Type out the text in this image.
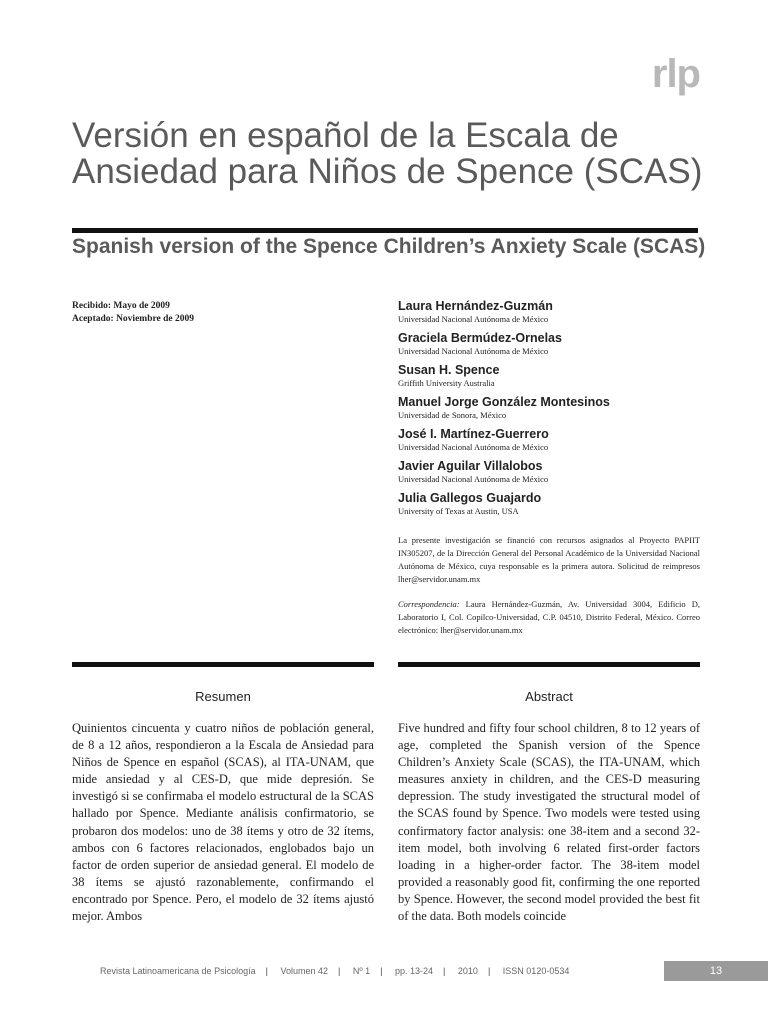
rlp
Versión en español de la Escala de Ansiedad para Niños de Spence (SCAS)
Spanish version of the Spence Children’s Anxiety Scale (SCAS)
Recibido: Mayo de 2009
Aceptado: Noviembre de 2009
Laura Hernández-Guzmán
Universidad Nacional Autónoma de México
Graciela Bermúdez-Ornelas
Universidad Nacional Autónoma de México
Susan H. Spence
Griffith University Australia
Manuel Jorge González Montesinos
Universidad de Sonora, México
José I. Martínez-Guerrero
Universidad Nacional Autónoma de México
Javier Aguilar Villalobos
Universidad Nacional Autónoma de México
Julia Gallegos Guajardo
University of Texas at Austin, USA
La presente investigación se financió con recursos asignados al Proyecto PAPIIT IN305207, de la Dirección General del Personal Académico de la Universidad Nacional Autónoma de México, cuya responsable es la primera autora. Solicitud de reimpresos lher@servidor.unam.mx
Correspondencia: Laura Hernández-Guzmán, Av. Universidad 3004, Edificio D, Laboratorio I, Col. Copilco-Universidad, C.P. 04510, Distrito Federal, México. Correo electrónico: lher@servidor.unam.mx
Resumen	Abstract
Quinientos cincuenta y cuatro niños de población general, de 8 a 12 años, respondieron a la Escala de Ansiedad para Niños de Spence en español (SCAS), al ITA-UNAM, que mide ansiedad y al CES-D, que mide depresión. Se investigó si se confirmaba el modelo estructural de la SCAS hallado por Spence. Mediante análisis confirmatorio, se probaron dos modelos: uno de 38 ítems y otro de 32 ítems, ambos con 6 factores relacionados, englobados bajo un factor de orden superior de ansiedad general. El modelo de 38 ítems se ajustó razonablemente, confirmando el encontrado por Spence. Pero, el modelo de 32 ítems ajustó mejor. Ambos
Five hundred and fifty four school children, 8 to 12 years of age, completed the Spanish version of the Spence Children’s Anxiety Scale (SCAS), the ITA-UNAM, which measures anxiety in children, and the CES-D measuring depression. The study investigated the structural model of the SCAS found by Spence. Two models were tested using confirmatory factor analysis: one 38-item and a second 32-item model, both involving 6 related first-order factors loading in a higher-order factor. The 38-item model provided a reasonably good fit, confirming the one reported by Spence. However, the second model provided the best fit of the data. Both models coincide
Revista Latinoamericana de Psicología | Volumen 42 | Nº 1 | pp. 13-24 | 2010 | ISSN 0120-0534	13
